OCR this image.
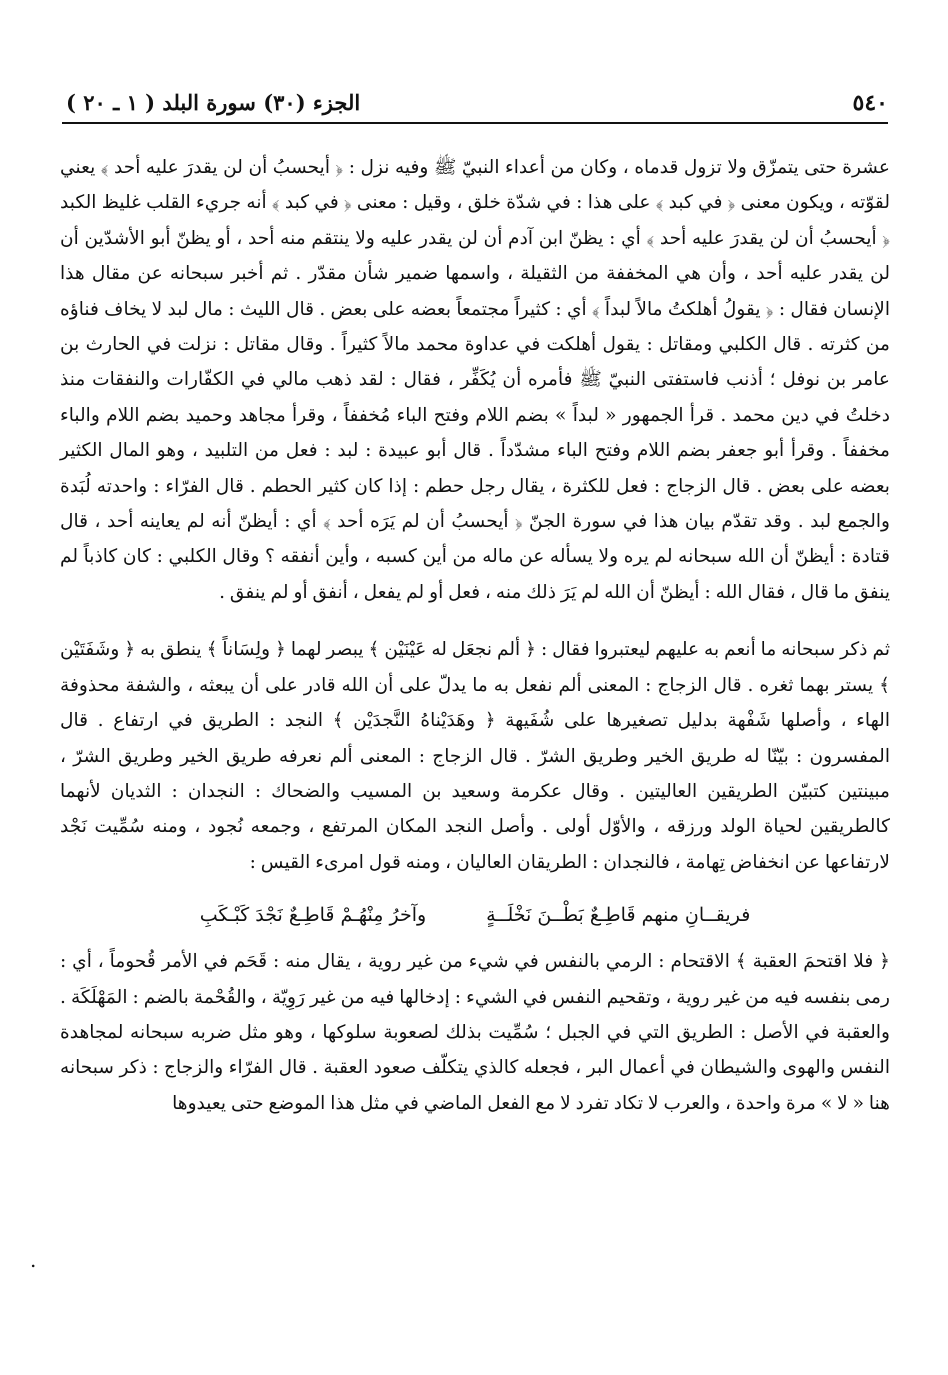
٥٤٠
الجزء (٣٠) سورة البلد ( ١ ـ ٢٠ )

عشرة حتى يتمزّق ولا تزول قدماه ، وكان من أعداء النبيّ ﷺ وفيه نزل : ﴿ أيحسبُ أن لن يقدرَ عليه أحد ﴾ يعني لقوّته ، ويكون معنى ﴿ في كبد ﴾ على هذا : في شدّة خلق ، وقيل : معنى ﴿ في كبد ﴾ أنه جريء القلب غليظ الكبد ﴿ أيحسبُ أن لن يقدرَ عليه أحد ﴾ أي : يظنّ ابن آدم أن لن يقدر عليه ولا ينتقم منه أحد ، أو يظنّ أبو الأشدّين أن لن يقدر عليه أحد ، وأن هي المخففة من الثقيلة ، واسمها ضمير شأن مقدّر . ثم أخبر سبحانه عن مقال هذا الإنسان فقال : ﴿ يقولُ أهلكتُ مالاً لبداً ﴾ أي : كثيراً مجتمعاً بعضه على بعض . قال الليث : مال لبد لا يخاف فناؤه من كثرته . قال الكلبي ومقاتل : يقول أهلكت في عداوة محمد مالاً كثيراً . وقال مقاتل : نزلت في الحارث بن عامر بن نوفل ؛ أذنب فاستفتى النبيّ ﷺ فأمره أن يُكَفِّر ، فقال : لقد ذهب مالي في الكفّارات والنفقات منذ دخلتُ في دين محمد . قرأ الجمهور « لبداً » بضم اللام وفتح الباء مُخففاً ، وقرأ مجاهد وحميد بضم اللام والباء مخففاً . وقرأ أبو جعفر بضم اللام وفتح الباء مشدّداً . قال أبو عبيدة : لبد : فعل من التلبيد ، وهو المال الكثير بعضه على بعض . قال الزجاج : فعل للكثرة ، يقال رجل حطم : إذا كان كثير الحطم . قال الفرّاء : واحدته لُبَدة والجمع لبد . وقد تقدّم بيان هذا في سورة الجنّ ﴿ أيحسبُ أن لم يَرَه أحد ﴾ أي : أيظنّ أنه لم يعاينه أحد ، قال قتادة : أيظنّ أن الله سبحانه لم يره ولا يسأله عن ماله من أين كسبه ، وأين أنفقه ؟ وقال الكلبي : كان كاذباً لم ينفق ما قال ، فقال الله : أيظنّ أن الله لم يَرَ ذلك منه ، فعل أو لم يفعل ، أنفق أو لم ينفق .

ثم ذكر سبحانه ما أنعم به عليهم ليعتبروا فقال : ﴿ ألم نجعَل له عَيْنَيْن ﴾ يبصر لهما ﴿ ولِسَاناً ﴾ ينطق به ﴿ وشَفَتَيْن ﴾ يستر بهما ثغره . قال الزجاج : المعنى ألم نفعل به ما يدلّ على أن الله قادر على أن يبعثه ، والشفة محذوفة الهاء ، وأصلها شَفْهة بدليل تصغيرها على شُفَيهة ﴿ وهَدَيْناهُ النَّجدَيْن ﴾ النجد : الطريق في ارتفاع . قال المفسرون : بيّنّا له طريق الخير وطريق الشرّ . قال الزجاج : المعنى ألم نعرفه طريق الخير وطريق الشرّ ، مبينتين كتبيّن الطريقين العاليتين . وقال عكرمة وسعيد بن المسيب والضحاك : النجدان : الثديان لأنهما كالطريقين لحياة الولد ورزقه ، والأوّل أولى . وأصل النجد المكان المرتفع ، وجمعه نُجود ، ومنه سُمِّيت نَجْد لارتفاعها عن انخفاض تِهامة ، فالنجدان : الطريقان العاليان ، ومنه قول امرىء القيس :

فريقــانِ منهم قَاطِـعٌ بَطْــنَ نَخْلَــةٍ
وآخرُ مِنْهُـمْ قَاطِـعٌ نَجْدَ كَبْـكَبِ

﴿ فلا اقتحمَ العقبة ﴾ الاقتحام : الرمي بالنفس في شيء من غير روية ، يقال منه : قَحَم في الأمر قُحوماً ، أي : رمى بنفسه فيه من غير روية ، وتقحيم النفس في الشيء : إدخالها فيه من غير رَوِيّة ، والقُحْمة بالضم : المَهْلَكَة . والعقبة في الأصل : الطريق التي في الجبل ؛ سُمِّيت بذلك لصعوبة سلوكها ، وهو مثل ضربه سبحانه لمجاهدة النفس والهوى والشيطان في أعمال البر ، فجعله كالذي يتكلّف صعود العقبة . قال الفرّاء والزجاج : ذكر سبحانه هنا « لا » مرة واحدة ، والعرب لا تكاد تفرد لا مع الفعل الماضي في مثل هذا الموضع حتى يعيدوها

.
